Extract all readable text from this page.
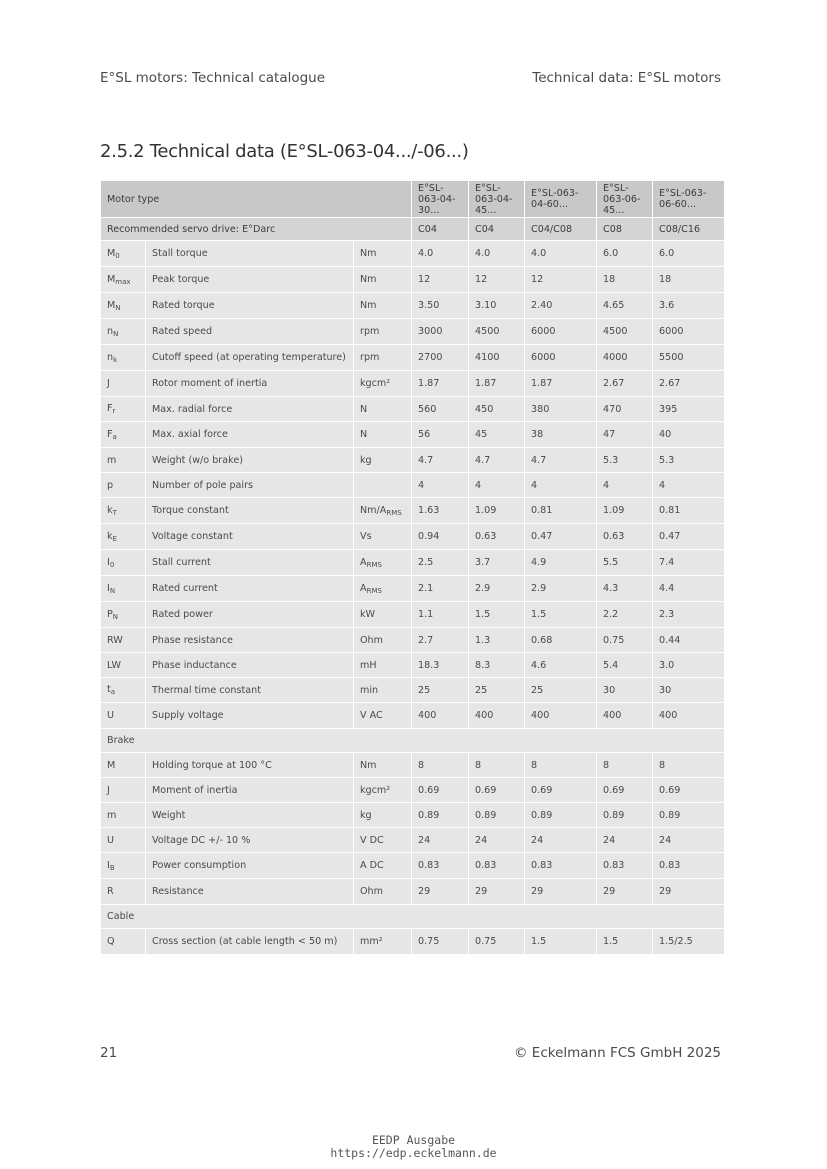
E°SL motors: Technical catalogue	Technical data: E°SL motors
2.5.2 Technical data (E°SL-063-04.../-06...)
Motor type			E°SL-063-04-30...	E°SL-063-04-45...	E°SL-063-04-60...	E°SL-063-06-45...	E°SL-063-06-60...
Recommended servo drive: E°Darc			C04	C04	C04/C08	C08	C08/C16
$M_0$	Stall torque	Nm	4.0	4.0	4.0	6.0	6.0
$M_{max}$	Peak torque	Nm	12	12	12	18	18
$M_N$	Rated torque	Nm	3.50	3.10	2.40	4.65	3.6
$n_N$	Rated speed	rpm	3000	4500	6000	4500	6000
$n_k$	Cutoff speed (at operating temperature)	rpm	2700	4100	6000	4000	5500
J	Rotor moment of inertia	kgcm²	1.87	1.87	1.87	2.67	2.67
$F_r$	Max. radial force	N	560	450	380	470	395
$F_a$	Max. axial force	N	56	45	38	47	40
m	Weight (w/o brake)	kg	4.7	4.7	4.7	5.3	5.3
p	Number of pole pairs		4	4	4	4	4
$k_T$	Torque constant	$Nm/A_{RMS}$	1.63	1.09	0.81	1.09	0.81
$k_E$	Voltage constant	Vs	0.94	0.63	0.47	0.63	0.47
$I_0$	Stall current	$A_{RMS}$	2.5	3.7	4.9	5.5	7.4
$I_N$	Rated current	$A_{RMS}$	2.1	2.9	2.9	4.3	4.4
$P_N$	Rated power	kW	1.1	1.5	1.5	2.2	2.3
RW	Phase resistance	Ohm	2.7	1.3	0.68	0.75	0.44
LW	Phase inductance	mH	18.3	8.3	4.6	5.4	3.0
$t_a$	Thermal time constant	min	25	25	25	30	30
U	Supply voltage	V AC	400	400	400	400	400
Brake							
M	Holding torque at 100 °C	Nm	8	8	8	8	8
J	Moment of inertia	kgcm²	0.69	0.69	0.69	0.69	0.69
m	Weight	kg	0.89	0.89	0.89	0.89	0.89
U	Voltage DC +/- 10 %	V DC	24	24	24	24	24
$I_B$	Power consumption	A DC	0.83	0.83	0.83	0.83	0.83
R	Resistance	Ohm	29	29	29	29	29
Cable							
Q	Cross section (at cable length < 50 m)	mm²	0.75	0.75	1.5	1.5	1.5/2.5
21	© Eckelmann FCS GmbH 2025
EEDP Ausgabe
https://edp.eckelmann.de
